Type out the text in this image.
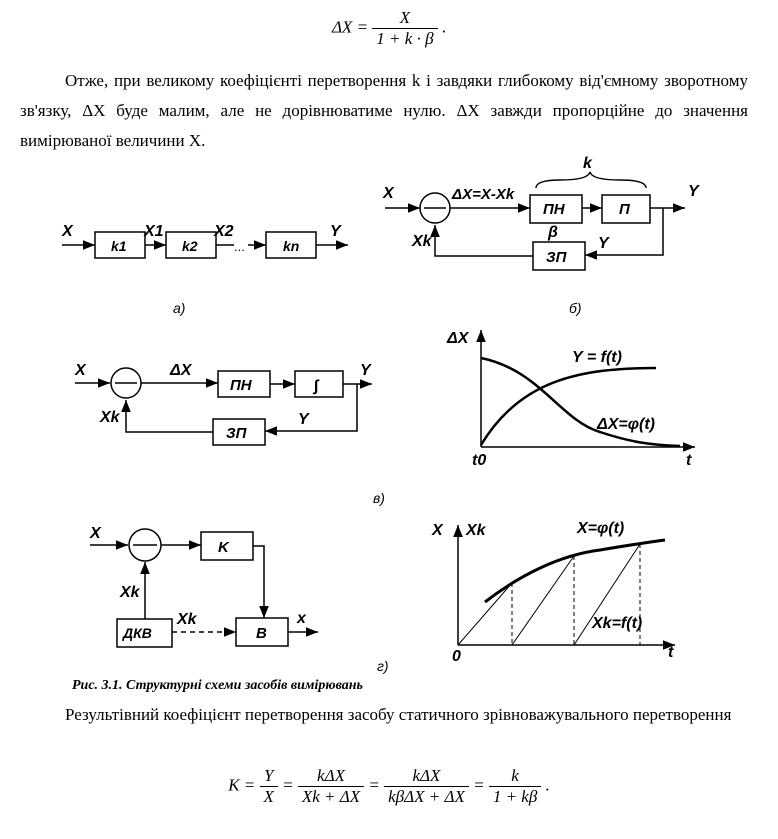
$\Delta X = \frac{X}{1 + k \cdot \beta}$ .
Отже, при великому коефіцієнті перетворення k і завдяки глибокому від'ємному зворотному зв'язку, ΔX буде малим, але не дорівнюватиме нулю. ΔX завжди пропорційне до значення вимірюваної величини X.
X	X1	X2	Y
k1	k2	...	kn
а)
X	ΔX=X-Xk
k
ПН	П
Y
β
Y
Xk
ЗП
б)
X	ΔX
ПН	∫
Y
Y
Xk
ЗП
в)
ΔX
t
t0
Y = f(t)
ΔX=φ(t)
X
K
Xk
ДКВ
Xk
В
x
г)
X Xk
t
0
X=φ(t)
Xk=f(t)
Рис. 3.1. Структурні схеми засобів вимірювань
Результівний коефіцієнт перетворення засобу статичного зрівноважувального перетворення
$K = \frac{Y}{X} = \frac{\text{kΔX}}{Xk + \Delta X} = \frac{\text{kΔX}}{\text{kβΔX + ΔX}} = \frac{k}{1 + k\beta}$ .
